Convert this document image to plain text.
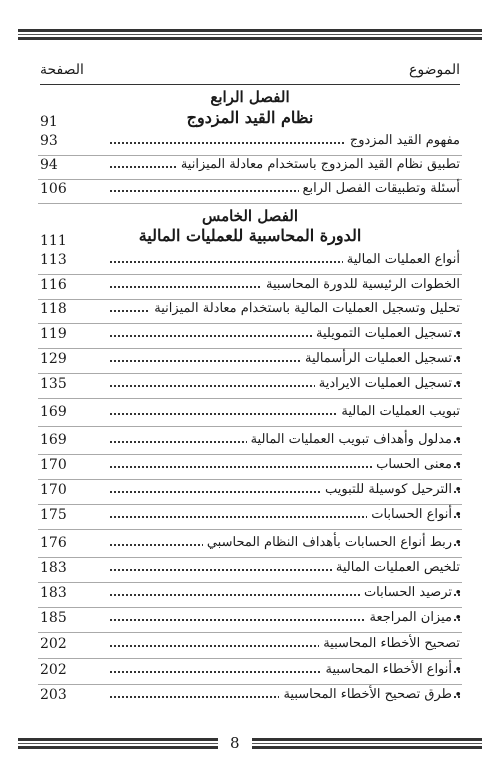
الموضوع
الصفحة
الفصل الرابع
نظام القيد المزدوج
91
مفهوم القيد المزدوج
93
تطبيق نظام القيد المزدوج باستخدام معادلة الميزانية
94
أسئلة وتطبيقات الفصل الرابع
106
الفصل الخامس
الدورة المحاسبية للعمليات المالية
111
أنواع العمليات المالية
113
الخطوات الرئيسية للدورة المحاسبية
116
تحليل وتسجيل العمليات المالية باستخدام معادلة الميزانية
118
•
تسجيل العمليات التمويلية
119
•
تسجيل العمليات الرأسمالية
129
•
تسجيل العمليات الايرادية
135
تبويب العمليات المالية
169
•
مدلول وأهداف تبويب العمليات المالية
169
•
معنى الحساب
170
•
الترحيل كوسيلة للتبويب
170
•
أنواع الحسابات
175
•
ربط أنواع الحسابات بأهداف النظام المحاسبي
176
تلخيص العمليات المالية
183
•
ترصيد الحسابات
183
•
ميزان المراجعة
185
تصحيح الأخطاء المحاسبية
202
•
أنواع الأخطاء المحاسبية
202
•
طرق تصحيح الأخطاء المحاسبية
203
8
